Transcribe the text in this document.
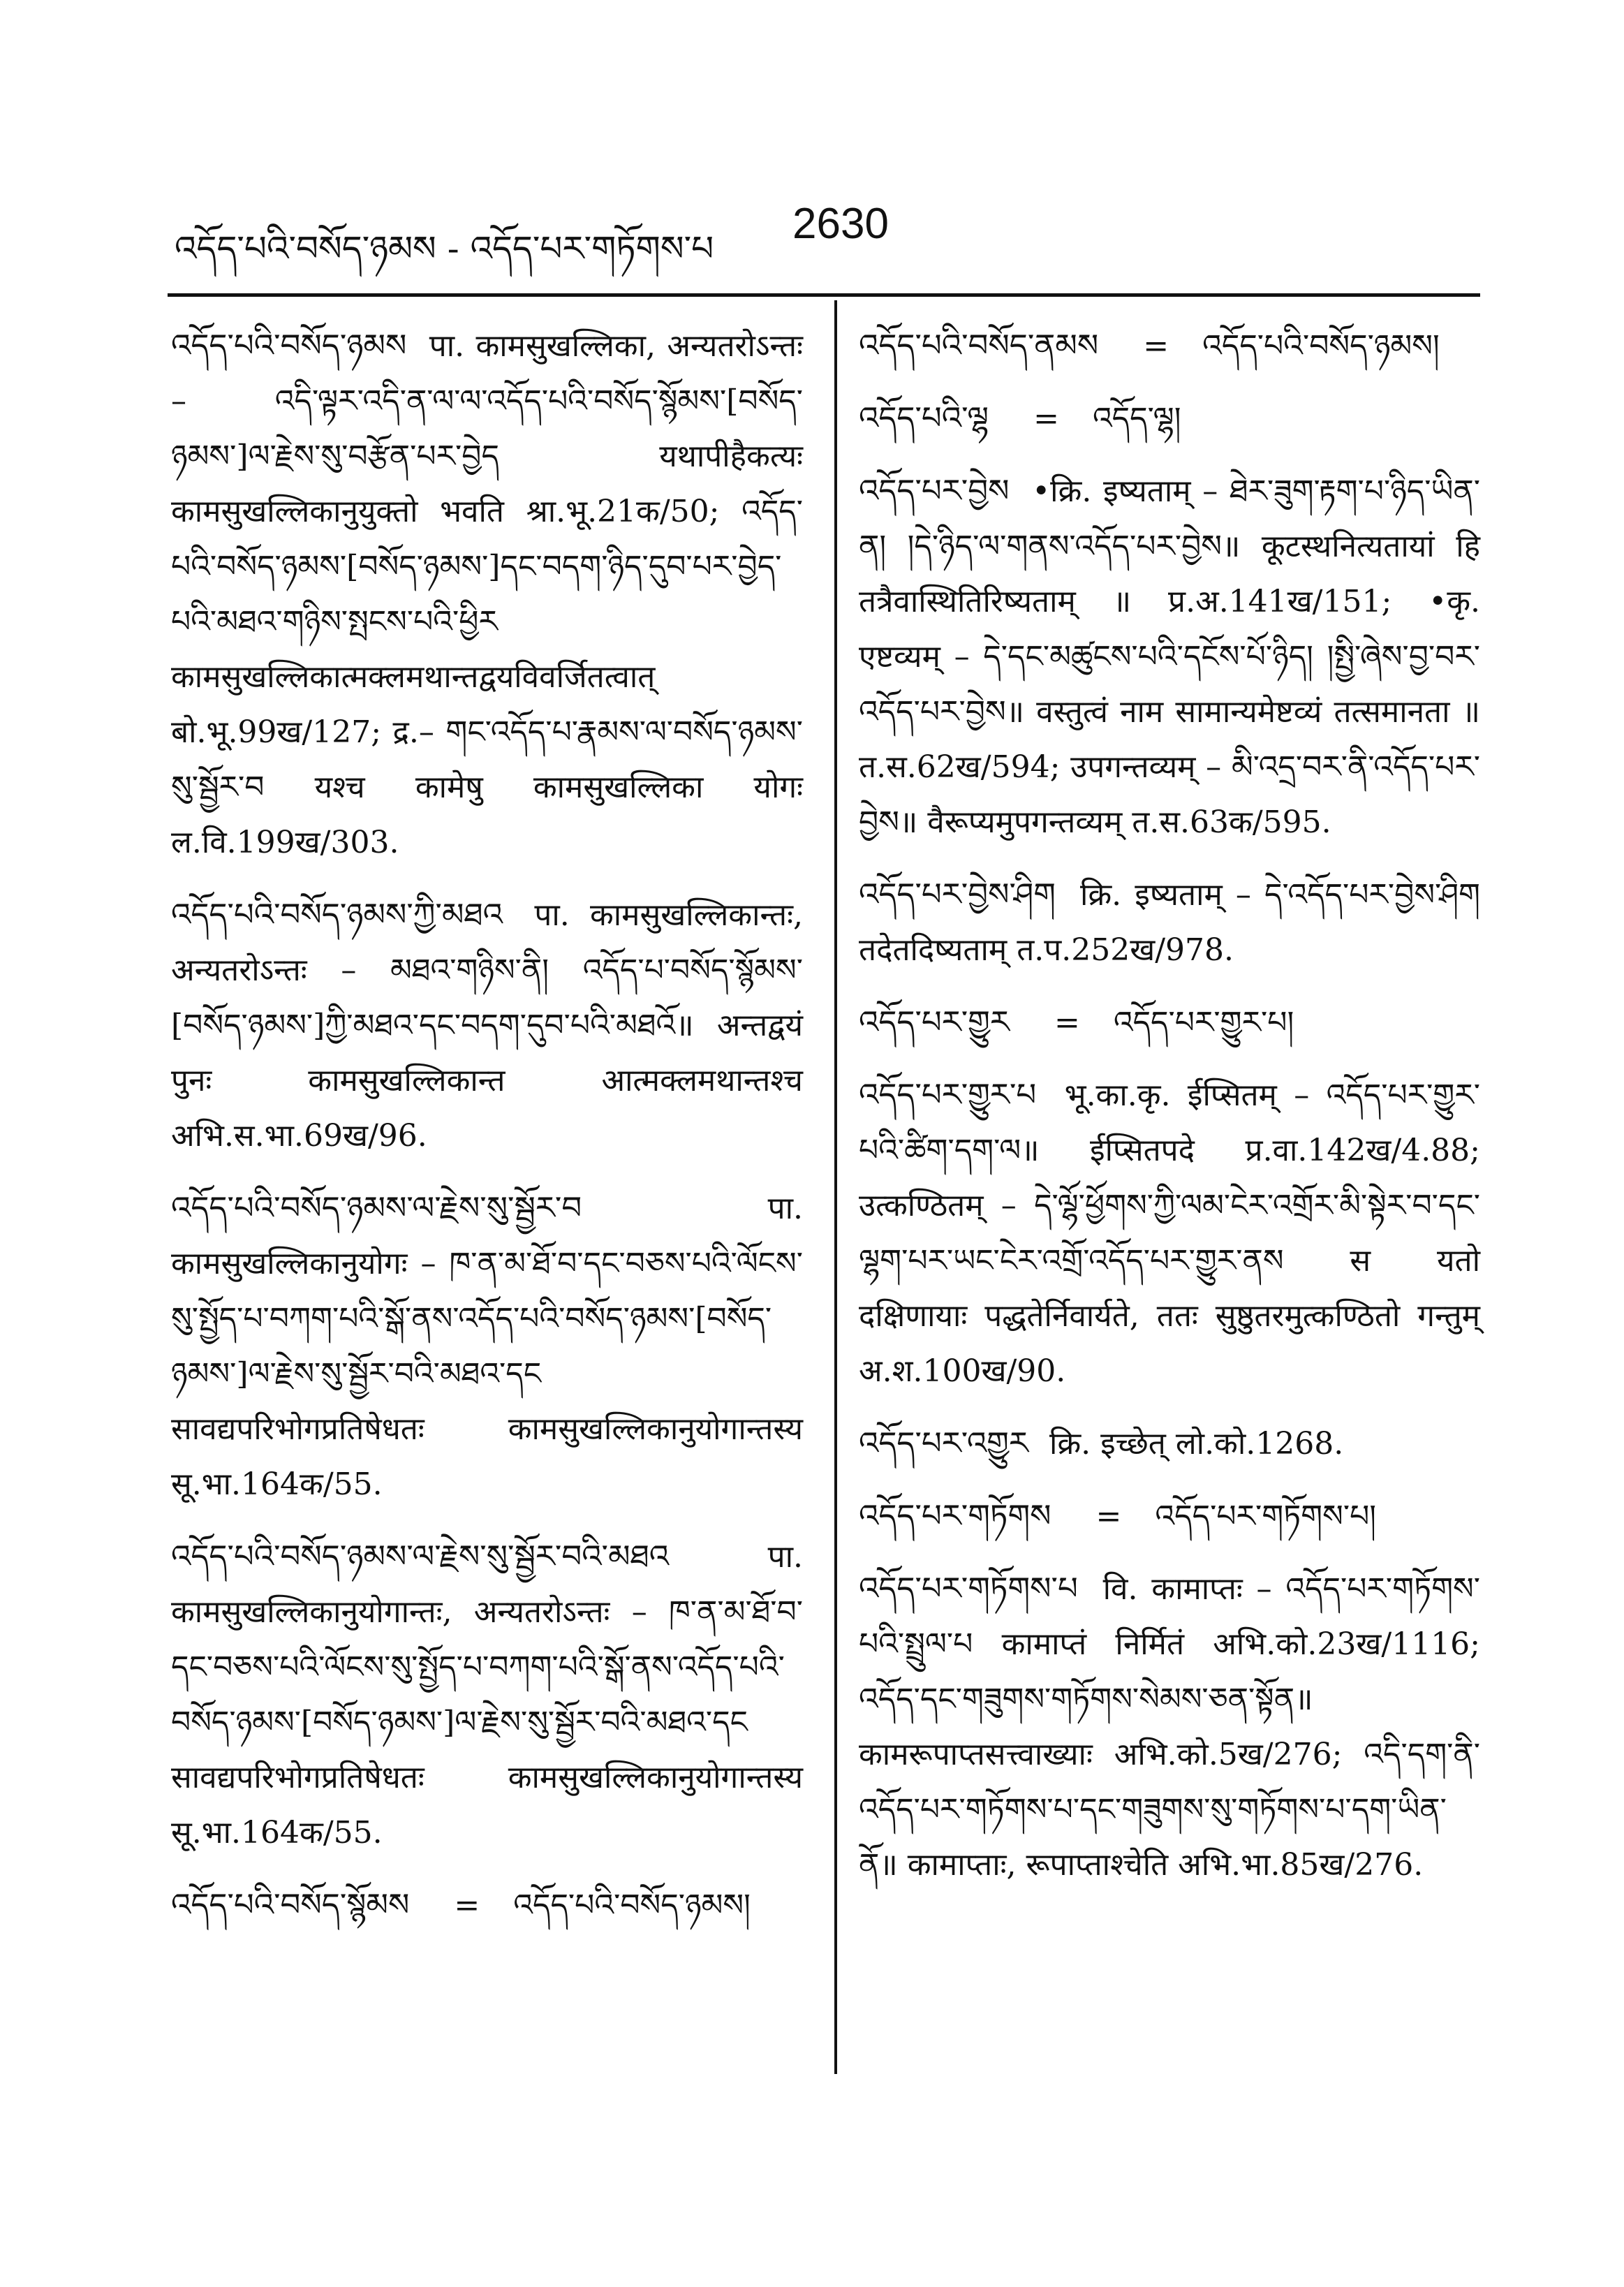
འདོད་པའི་བསོད་ཉམས - འདོད་པར་གཏོགས་པ
2630

འདོད་པའི་བསོད་ཉམས पा. कामसुखल्लिका, अन्यतरोऽन्तः – འདི་ལྟར་འདི་ན་ལ་ལ་འདོད་པའི་བསོད་སྙོམས་[བསོད་ཉམས་]ལ་རྗེས་སུ་བརྩོན་པར་བྱེད यथापीहैकत्यः कामसुखल्लिकानुयुक्तो भवति श्रा.भू.21क/50; འདོད་པའི་བསོད་ཉམས་[བསོད་ཉམས་]དང་བདག་ཉིད་དུབ་པར་བྱེད་པའི་མཐའ་གཉིས་སྤངས་པའི་ཕྱིར कामसुखल्लिकात्मक्लमथान्तद्वयविवर्जितत्वात् बो.भू.99ख/127; द्र.– གང་འདོད་པ་རྣམས་ལ་བསོད་ཉམས་སུ་སྦྱོར་བ यश्च कामेषु कामसुखल्लिका योगः ल.वि.199ख/303.

འདོད་པའི་བསོད་ཉམས་ཀྱི་མཐའ पा. कामसुखल्लिकान्तः, अन्यतरोऽन्तः – མཐའ་གཉིས་ནི། འདོད་པ་བསོད་སྙོམས་[བསོད་ཉམས་]ཀྱི་མཐའ་དང་བདག་དུབ་པའི་མཐའོ॥ अन्तद्वयं पुनः कामसुखल्लिकान्त आत्मक्लमथान्तश्च अभि.स.भा.69ख/96.

འདོད་པའི་བསོད་ཉམས་ལ་རྗེས་སུ་སྦྱོར་བ	पा. कामसुखल्लिकानुयोगः – ཁ་ན་མ་ཐོ་བ་དང་བཅས་པའི་ལོངས་སུ་སྤྱོད་པ་བཀག་པའི་སྒོ་ནས་འདོད་པའི་བསོད་ཉམས་[བསོད་ཉམས་]ལ་རྗེས་སུ་སྦྱོར་བའི་མཐའ་དང सावद्यपरिभोगप्रतिषेधतः कामसुखल्लिकानुयोगान्तस्य सू.भा.164क/55.

འདོད་པའི་བསོད་ཉམས་ལ་རྗེས་སུ་སྦྱོར་བའི་མཐའ	पा. कामसुखल्लिकानुयोगान्तः, अन्यतरोऽन्तः – ཁ་ན་མ་ཐོ་བ་དང་བཅས་པའི་ལོངས་སུ་སྤྱོད་པ་བཀག་པའི་སྒོ་ནས་འདོད་པའི་བསོད་ཉམས་[བསོད་ཉམས་]ལ་རྗེས་སུ་སྦྱོར་བའི་མཐའ་དང सावद्यपरिभोगप्रतिषेधतः कामसुखल्लिकानुयोगान्तस्य सू.भा.164क/55.

འདོད་པའི་བསོད་སྙོམས = འདོད་པའི་བསོད་ཉམས།

འདོད་པའི་བསོད་ནམས = འདོད་པའི་བསོད་ཉམས།

འདོད་པའི་ལྷ = འདོད་ལྷ།

འདོད་པར་བྱེས •क्रि. इष्यताम् – ཐེར་ཟུག་རྟག་པ་ཉིད་ཡིན་ན། །དེ་ཉིད་ལ་གནས་འདོད་པར་བྱེས॥ कूटस्थनित्यतायां हि तत्रैवास्थितिरिष्यताम् ॥ प्र.अ.141ख/151; •कृ. एष्टव्यम् – དེ་དང་མཚུངས་པའི་དངོས་པོ་ཉིད། །སྤྱི་ཞེས་བྱ་བར་འདོད་པར་བྱེས॥ वस्तुत्वं नाम सामान्यमेष्टव्यं तत्समानता ॥ त.स.62ख/594; उपगन्तव्यम् – མི་འདྲ་བར་ནི་འདོད་པར་བྱེས॥ वैरूप्यमुपगन्तव्यम् त.स.63क/595.

འདོད་པར་བྱེས་ཤིག क्रि. इष्यताम् – དེ་འདོད་པར་བྱེས་ཤིག तदेतदिष्यताम् त.प.252ख/978.

འདོད་པར་གྱུར = འདོད་པར་གྱུར་པ།

འདོད་པར་གྱུར་པ भू.का.कृ. ईप्सितम् – འདོད་པར་གྱུར་པའི་ཚིག་དག་ལ॥ ईप्सितपदे प्र.वा.142ख/4.88; उत्कण्ठितम् – དེ་ལྷོ་ཕྱོགས་ཀྱི་ལམ་ངེར་འགྲོར་མི་སྟེར་བ་དང་ལྷག་པར་ཡང་ངེར་འགྲོ་འདོད་པར་གྱུར་ནས स यतो दक्षिणायाः पद्धतेर्निवार्यते, ततः सुष्ठुतरमुत्कण्ठितो गन्तुम् अ.श.100ख/90.

འདོད་པར་འགྱུར क्रि. इच्छेत् लो.को.1268.

འདོད་པར་གཏོགས = འདོད་པར་གཏོགས་པ།

འདོད་པར་གཏོགས་པ वि. कामाप्तः – འདོད་པར་གཏོགས་པའི་སྤྲུལ་པ कामाप्तं निर्मितं अभि.को.23ख/1116; འདོད་དང་གཟུགས་གཏོགས་སེམས་ཅན་སྟོན॥ कामरूपाप्तसत्त्वाख्याः अभि.को.5ख/276; འདི་དག་ནི་འདོད་པར་གཏོགས་པ་དང་གཟུགས་སུ་གཏོགས་པ་དག་ཡིན་ནོ॥ कामाप्ताः, रूपाप्ताश्चेति अभि.भा.85ख/276.
